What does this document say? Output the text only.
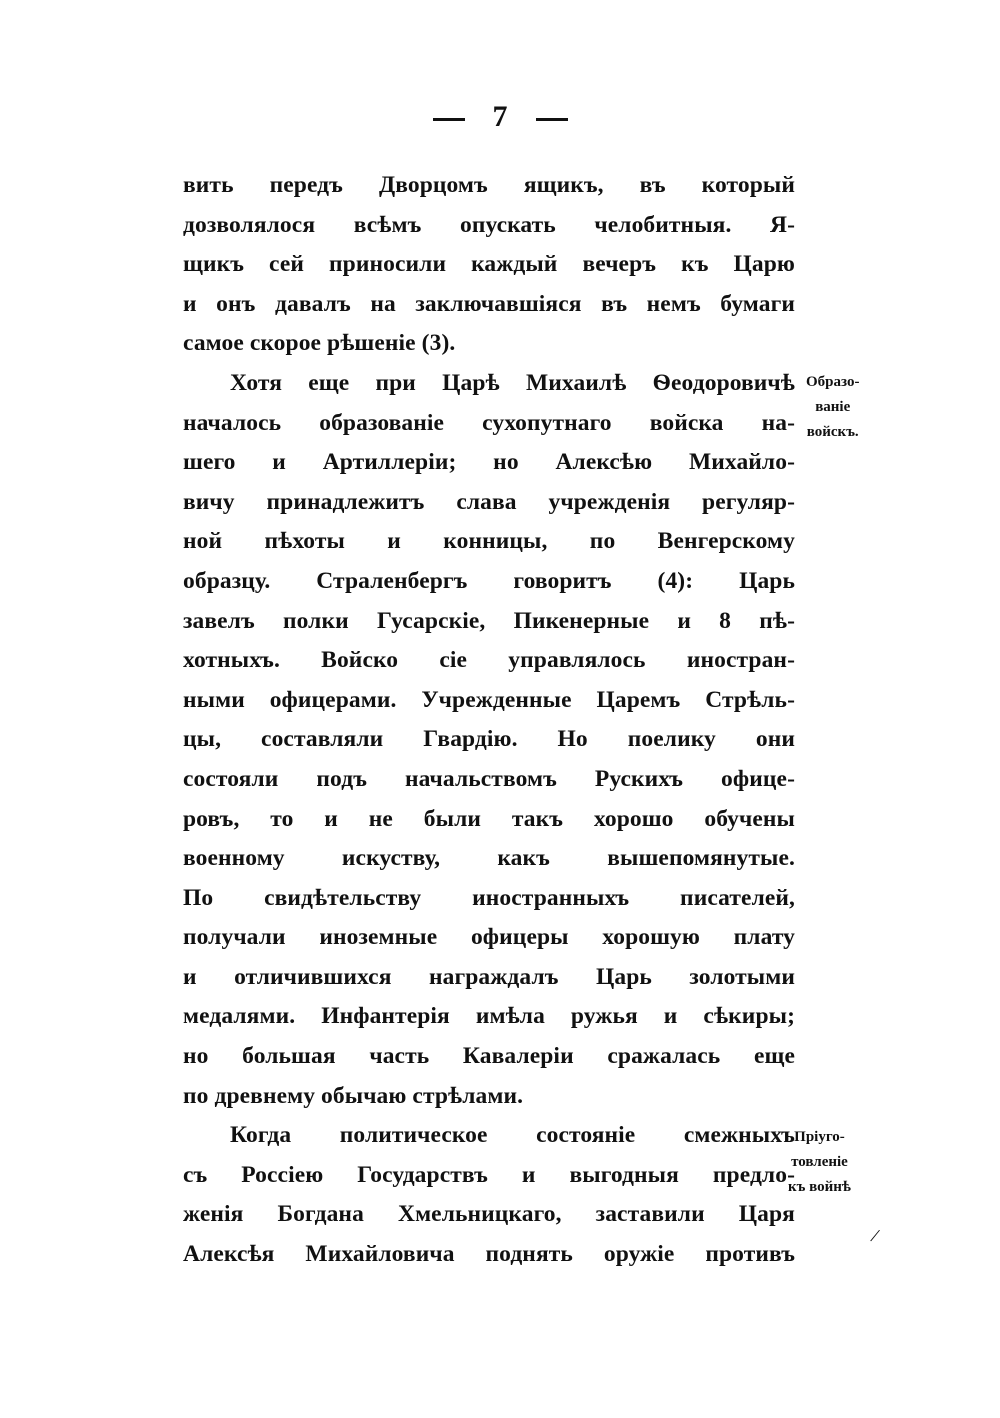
7
вить передъ Дворцомъ ящикъ, въ который
дозволялося всѣмъ опускать челобитныя. Я-
щикъ сей приносили каждый вечеръ къ Царю
и онъ давалъ на заключавшіяся въ немъ бумаги
самое скорое рѣшеніе (3).
Хотя еще при Царѣ Михаилѣ Ѳеодоровичѣ
началось образованіе сухопутнаго войска на-
шего и Артиллеріи; но Алексѣю Михайло-
вичу принадлежитъ слава учрежденія регуляр-
ной пѣхоты и конницы, по Венгерскому
образцу. Страленбергъ говоритъ (4): Царь
завелъ полки Гусарскіе, Пикенерные и 8 пѣ-
хотныхъ. Войско сіе управлялось иностран-
ными офицерами. Учрежденные Царемъ Стрѣль-
цы, составляли Гвардію. Но поелику они
состояли подъ начальствомъ Рускихъ офице-
ровъ, то и не были такъ хорошо обучены
военному искуству, какъ вышепомянутые.
По свидѣтельству иностранныхъ писателей,
получали иноземные офицеры хорошую плату
и отличившихся награждалъ Царь золотыми
медалями. Инфантерія имѣла ружья и сѣкиры;
но большая часть Кавалеріи сражалась еще
по древнему обычаю стрѣлами.
Когда политическое состояніе смежныхъ
съ Россіею Государствъ и выгодныя предло-
женія Богдана Хмельницкаго, заставили Царя
Алексѣя Михайловича поднять оружіе противъ
Образо-
ваніе
войскъ.
Пріуго-
товленіе
къ войнѣ
/
